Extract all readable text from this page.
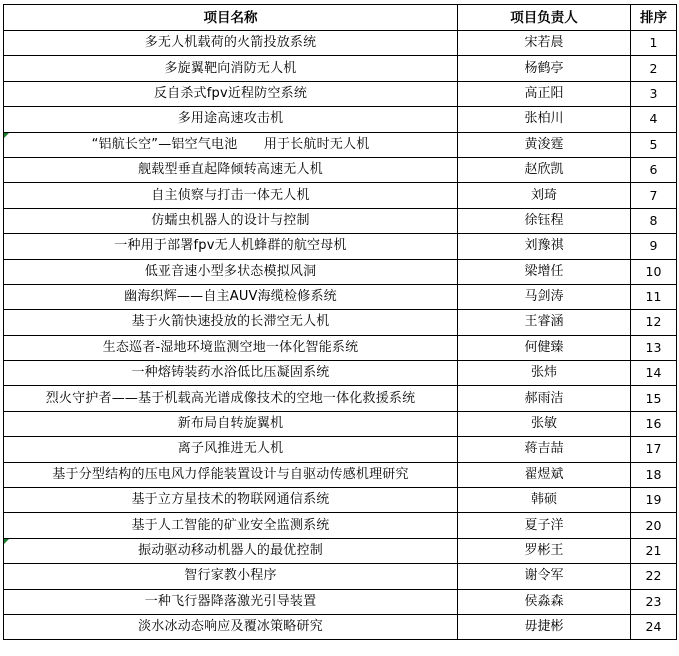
项目名称	项目负责人	排序
多无人机载荷的火箭投放系统	宋若晨	1
多旋翼靶向消防无人机	杨鹤亭	2
反自杀式fpv近程防空系统	高正阳	3
多用途高速攻击机	张柏川	4
“铝航长空”—铝空气电池　　用于长航时无人机	黄浚霆	5
舰载型垂直起降倾转高速无人机	赵欣凯	6
自主侦察与打击一体无人机	刘琦	7
仿蠕虫机器人的设计与控制	徐钰程	8
一种用于部署fpv无人机蜂群的航空母机	刘豫祺	9
低亚音速小型多状态模拟风洞	梁增任	10
幽海织辉——自主AUV海缆检修系统	马剑涛	11
基于火箭快速投放的长滞空无人机	王睿涵	12
生态巡者-湿地环境监测空地一体化智能系统	何健臻	13
一种熔铸装药水浴低比压凝固系统	张炜	14
烈火守护者——基于机载高光谱成像技术的空地一体化救援系统	郝雨洁	15
新布局自转旋翼机	张敏	16
离子风推进无人机	蒋吉喆	17
基于分型结构的压电风力俘能装置设计与自驱动传感机理研究	翟煜斌	18
基于立方星技术的物联网通信系统	韩硕	19
基于人工智能的矿业安全监测系统	夏子洋	20
振动驱动移动机器人的最优控制	罗彬王	21
智行家教小程序	谢令军	22
一种飞行器降落激光引导装置	侯淼森	23
淡水冰动态响应及覆冰策略研究	毋捷彬	24
